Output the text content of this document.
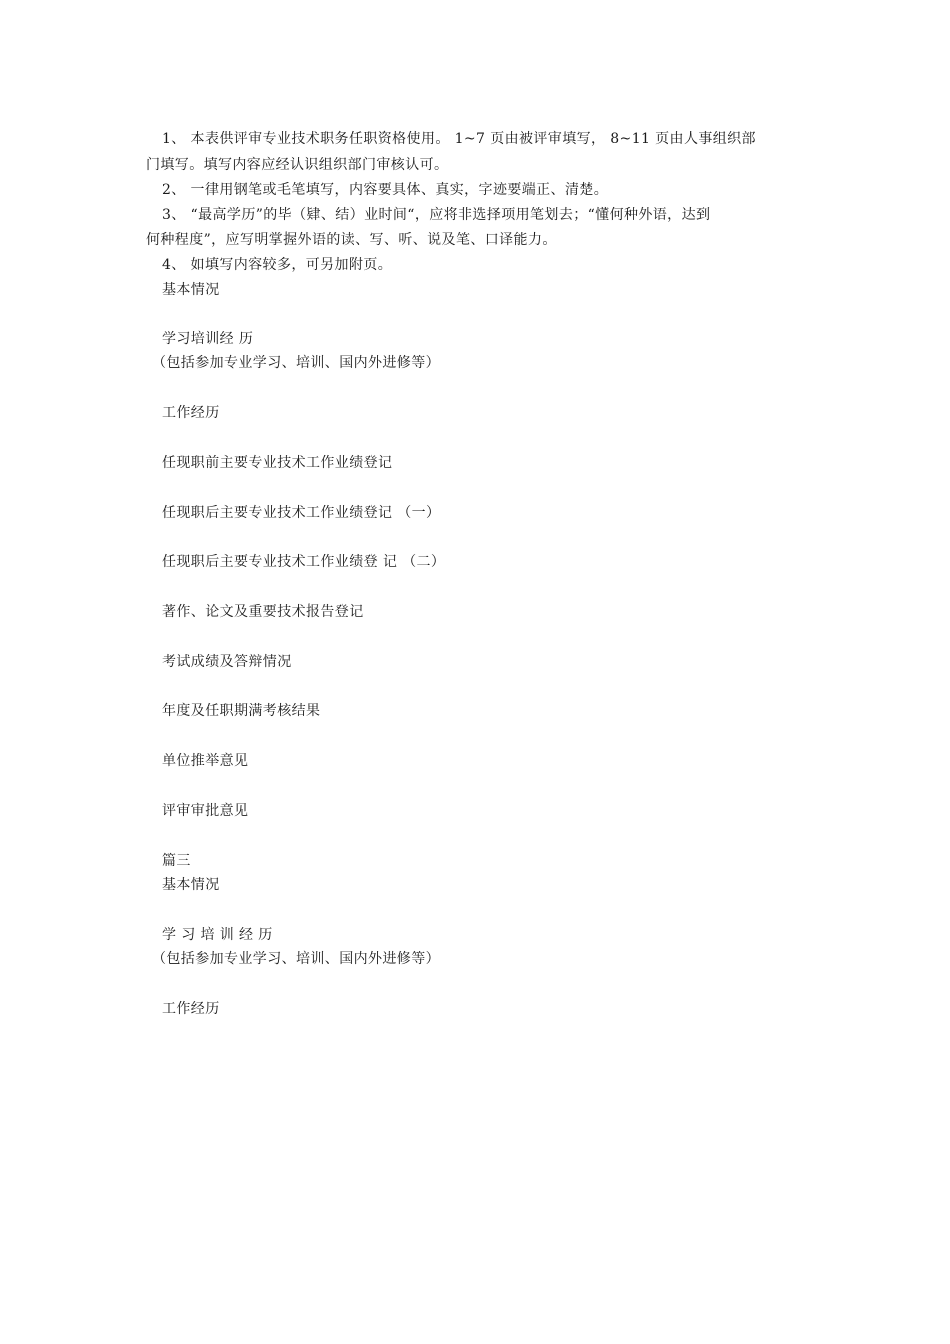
1、 本表供评审专业技术职务任职资格使用。 1~7 页由被评审填写， 8~11 页由人事组织部
门填写。填写内容应经认识组织部门审核认可。
2、 一律用钢笔或毛笔填写，内容要具体、真实，字迹要端正、清楚。
3、 “最高学历”的毕（肄、结）业时间“，应将非选择项用笔划去；“懂何种外语，达到
何种程度”，应写明掌握外语的读、写、听、说及笔、口译能力。
4、 如填写内容较多，可另加附页。
基本情况
学习培训经 历
（包括参加专业学习、培训、国内外进修等）
工作经历
任现职前主要专业技术工作业绩登记
任现职后主要专业技术工作业绩登记 （一）
任现职后主要专业技术工作业绩登 记 （二）
著作、论文及重要技术报告登记
考试成绩及答辩情况
年度及任职期满考核结果
单位推举意见
评审审批意见
篇三
基本情况
学 习 培 训 经 历
（包括参加专业学习、培训、国内外进修等）
工作经历
